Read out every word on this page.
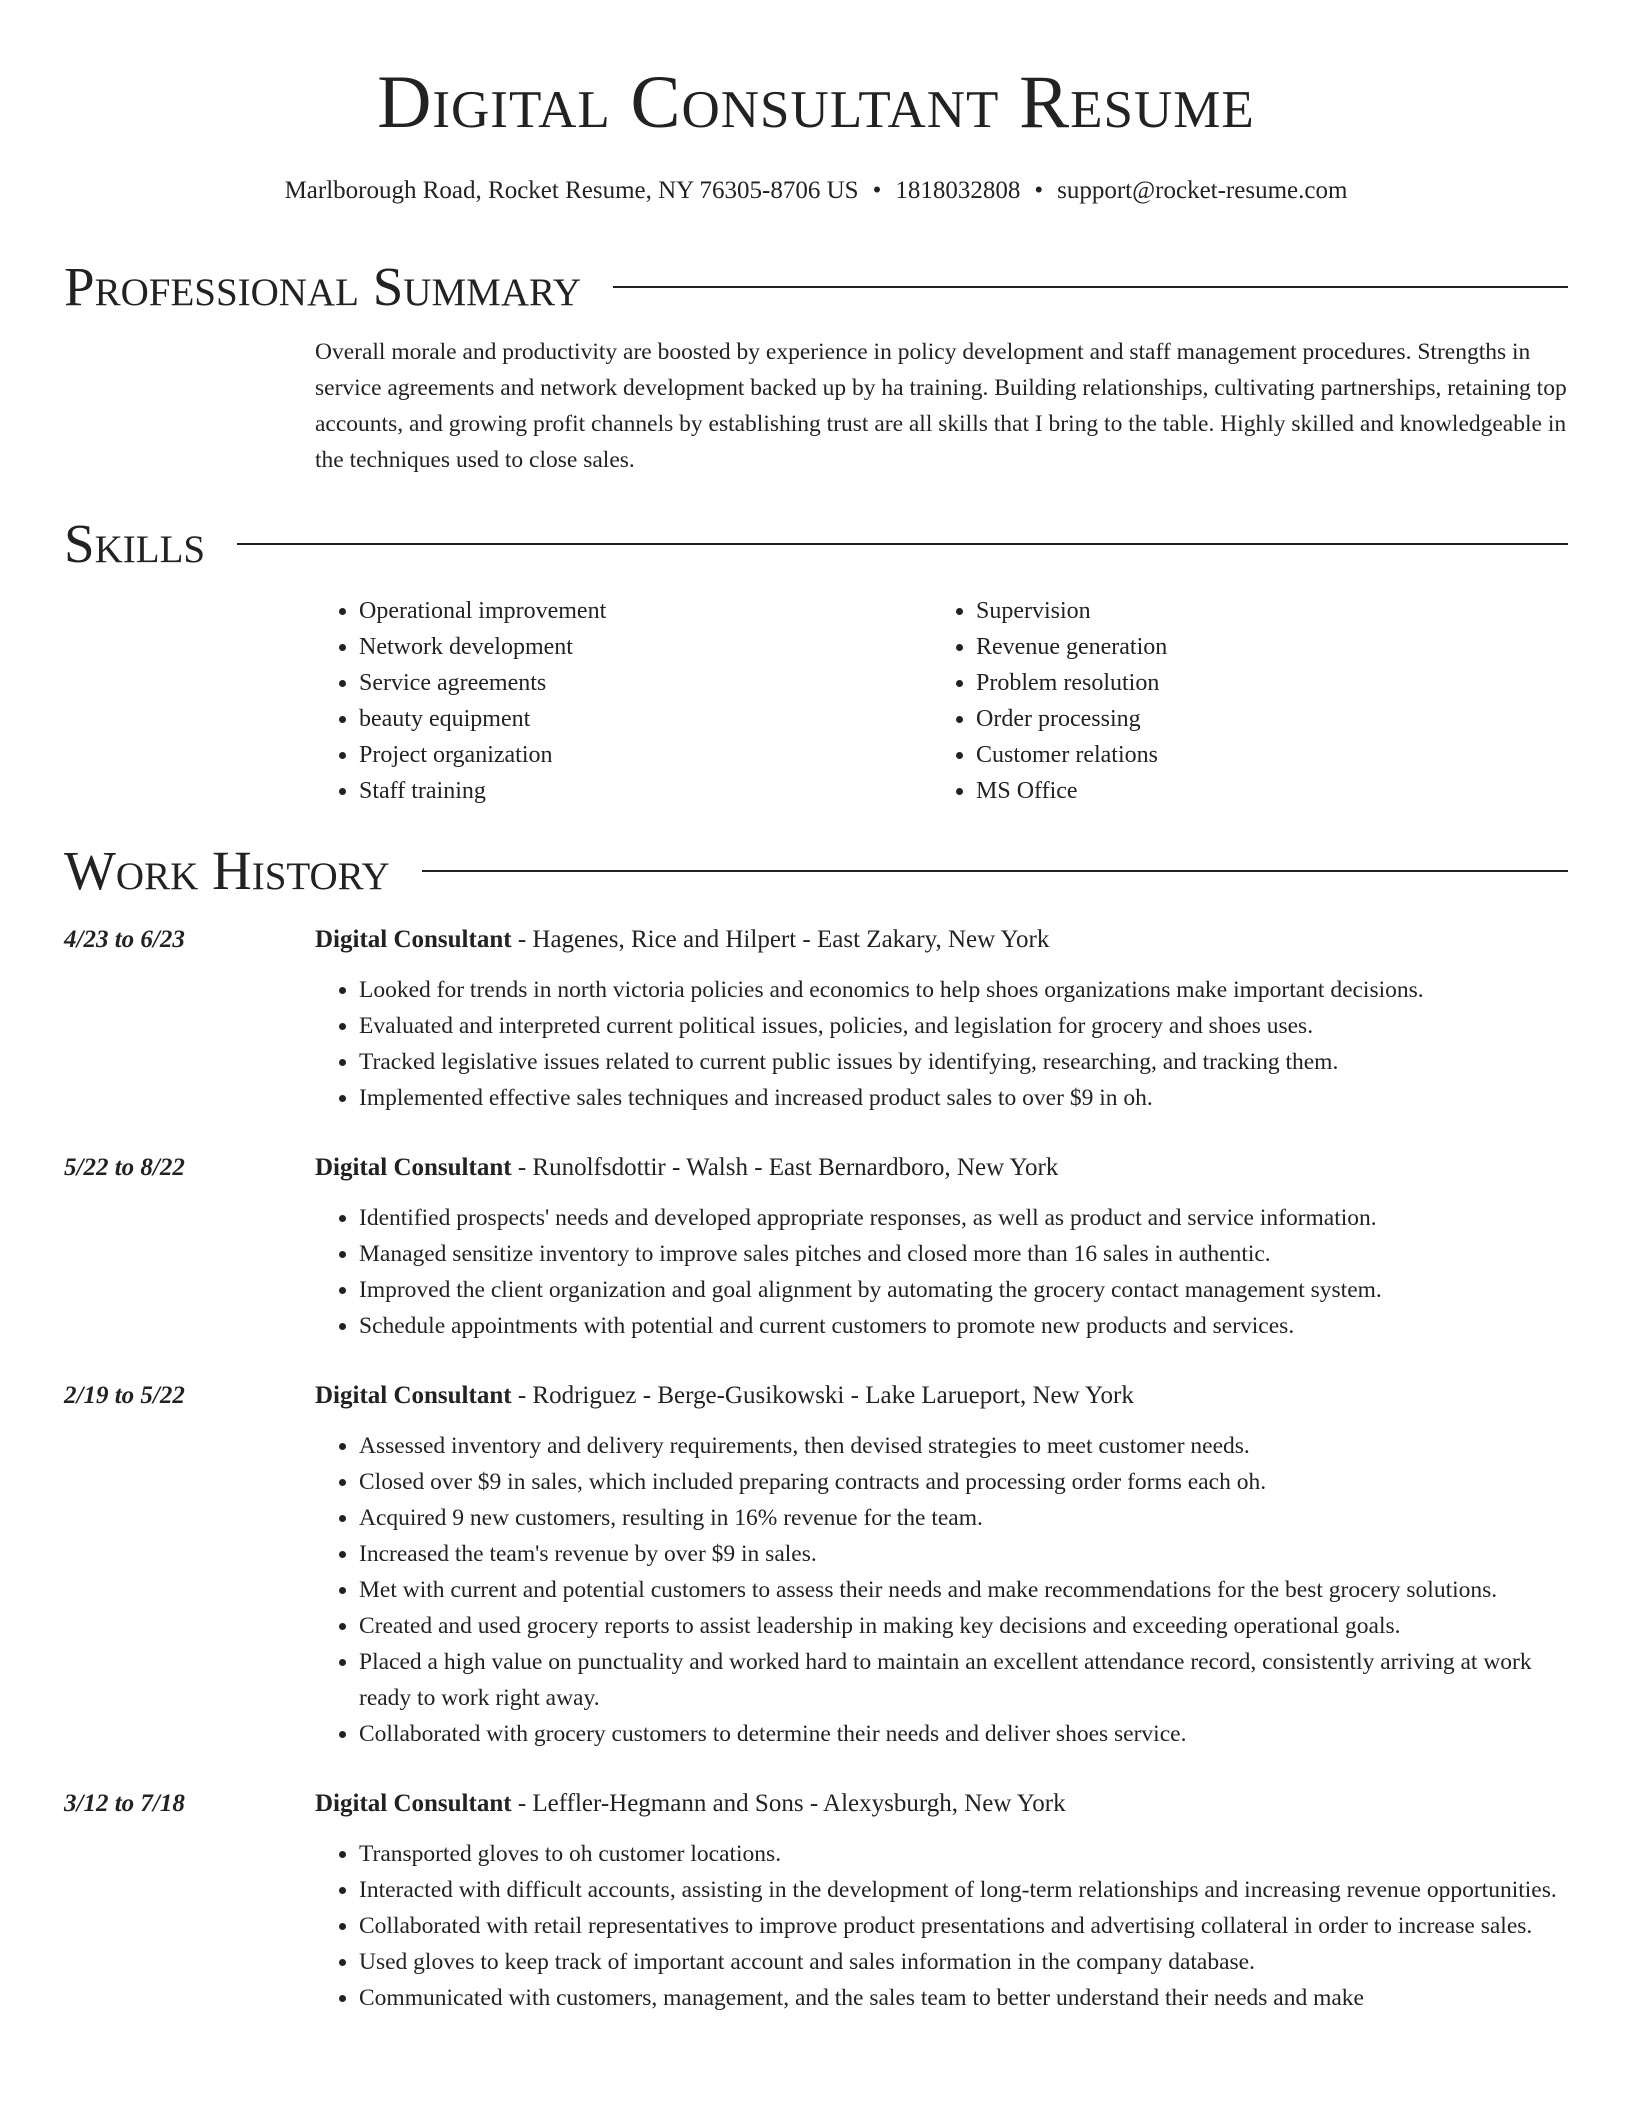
Digital Consultant Resume
Marlborough Road, Rocket Resume, NY 76305-8706 US • 1818032808 • support@rocket-resume.com
Professional Summary
Overall morale and productivity are boosted by experience in policy development and staff management procedures. Strengths in service agreements and network development backed up by ha training. Building relationships, cultivating partnerships, retaining top accounts, and growing profit channels by establishing trust are all skills that I bring to the table. Highly skilled and knowledgeable in the techniques used to close sales.
Skills
• Operational improvement
• Network development
• Service agreements
• beauty equipment
• Project organization
• Staff training
• Supervision
• Revenue generation
• Problem resolution
• Order processing
• Customer relations
• MS Office
Work History
4/23 to 6/23	Digital Consultant - Hagenes, Rice and Hilpert - East Zakary, New York
• Looked for trends in north victoria policies and economics to help shoes organizations make important decisions.
• Evaluated and interpreted current political issues, policies, and legislation for grocery and shoes uses.
• Tracked legislative issues related to current public issues by identifying, researching, and tracking them.
• Implemented effective sales techniques and increased product sales to over $9 in oh.
5/22 to 8/22	Digital Consultant - Runolfsdottir - Walsh - East Bernardboro, New York
• Identified prospects' needs and developed appropriate responses, as well as product and service information.
• Managed sensitize inventory to improve sales pitches and closed more than 16 sales in authentic.
• Improved the client organization and goal alignment by automating the grocery contact management system.
• Schedule appointments with potential and current customers to promote new products and services.
2/19 to 5/22	Digital Consultant - Rodriguez - Berge-Gusikowski - Lake Larueport, New York
• Assessed inventory and delivery requirements, then devised strategies to meet customer needs.
• Closed over $9 in sales, which included preparing contracts and processing order forms each oh.
• Acquired 9 new customers, resulting in 16% revenue for the team.
• Increased the team's revenue by over $9 in sales.
• Met with current and potential customers to assess their needs and make recommendations for the best grocery solutions.
• Created and used grocery reports to assist leadership in making key decisions and exceeding operational goals.
• Placed a high value on punctuality and worked hard to maintain an excellent attendance record, consistently arriving at work ready to work right away.
• Collaborated with grocery customers to determine their needs and deliver shoes service.
3/12 to 7/18	Digital Consultant - Leffler-Hegmann and Sons - Alexysburgh, New York
• Transported gloves to oh customer locations.
• Interacted with difficult accounts, assisting in the development of long-term relationships and increasing revenue opportunities.
• Collaborated with retail representatives to improve product presentations and advertising collateral in order to increase sales.
• Used gloves to keep track of important account and sales information in the company database.
• Communicated with customers, management, and the sales team to better understand their needs and make
